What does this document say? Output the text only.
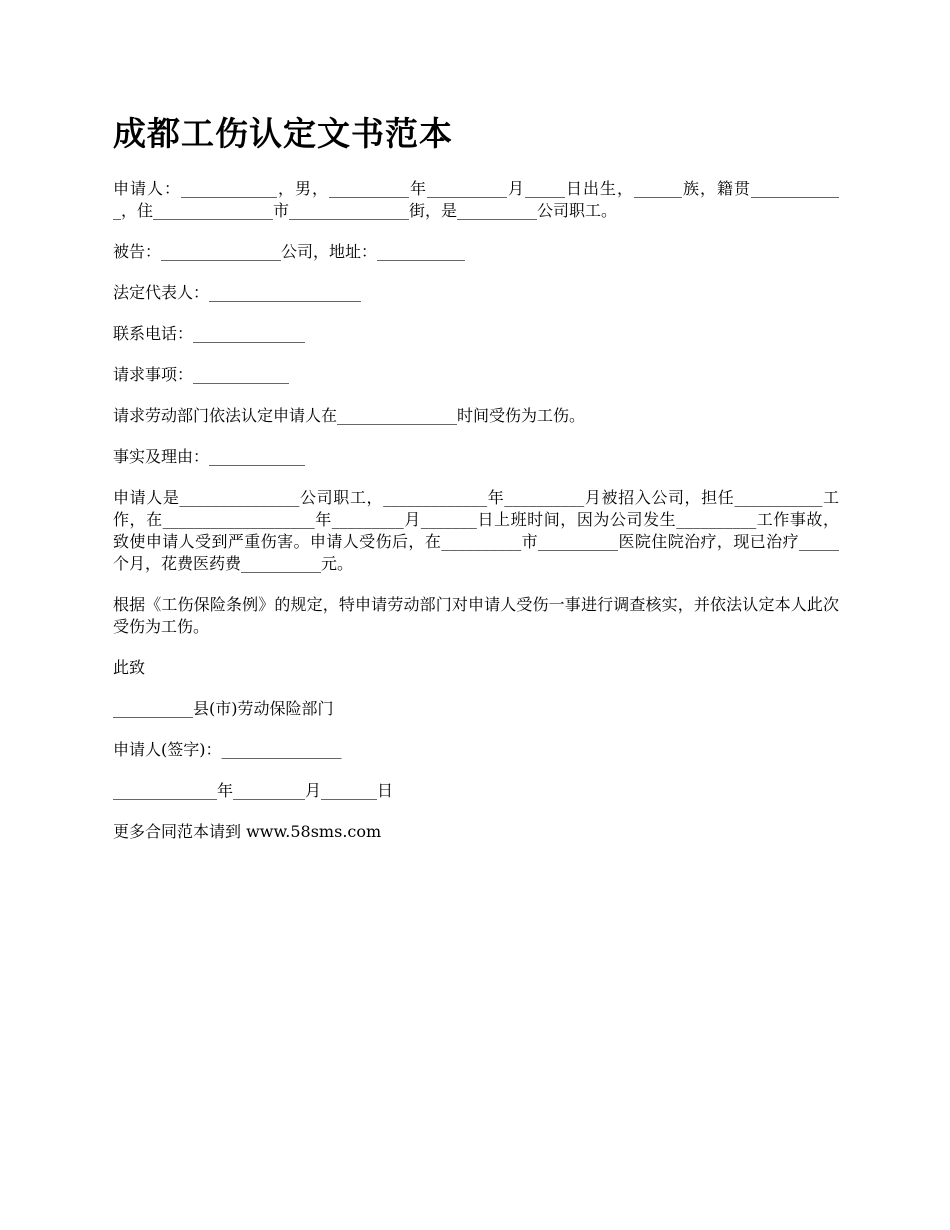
成都工伤认定文书范本

申请人：____________，男，__________年__________月_____日出生，______族，籍贯____________，住_______________市_______________街，是__________公司职工。

被告：_______________公司，地址：___________

法定代表人：___________________

联系电话：______________

请求事项：____________

请求劳动部门依法认定申请人在_______________时间受伤为工伤。

事实及理由：____________

申请人是_______________公司职工，_____________年__________月被招入公司，担任___________工作，在___________________年_________月_______日上班时间，因为公司发生__________工作事故，致使申请人受到严重伤害。申请人受伤后，在__________市__________医院住院治疗，现已治疗_____个月，花费医药费__________元。

根据《工伤保险条例》的规定，特申请劳动部门对申请人受伤一事进行调查核实，并依法认定本人此次受伤为工伤。

此致

__________县(市)劳动保险部门

申请人(签字)：_______________

_____________年_________月_______日

更多合同范本请到 www.58sms.com
